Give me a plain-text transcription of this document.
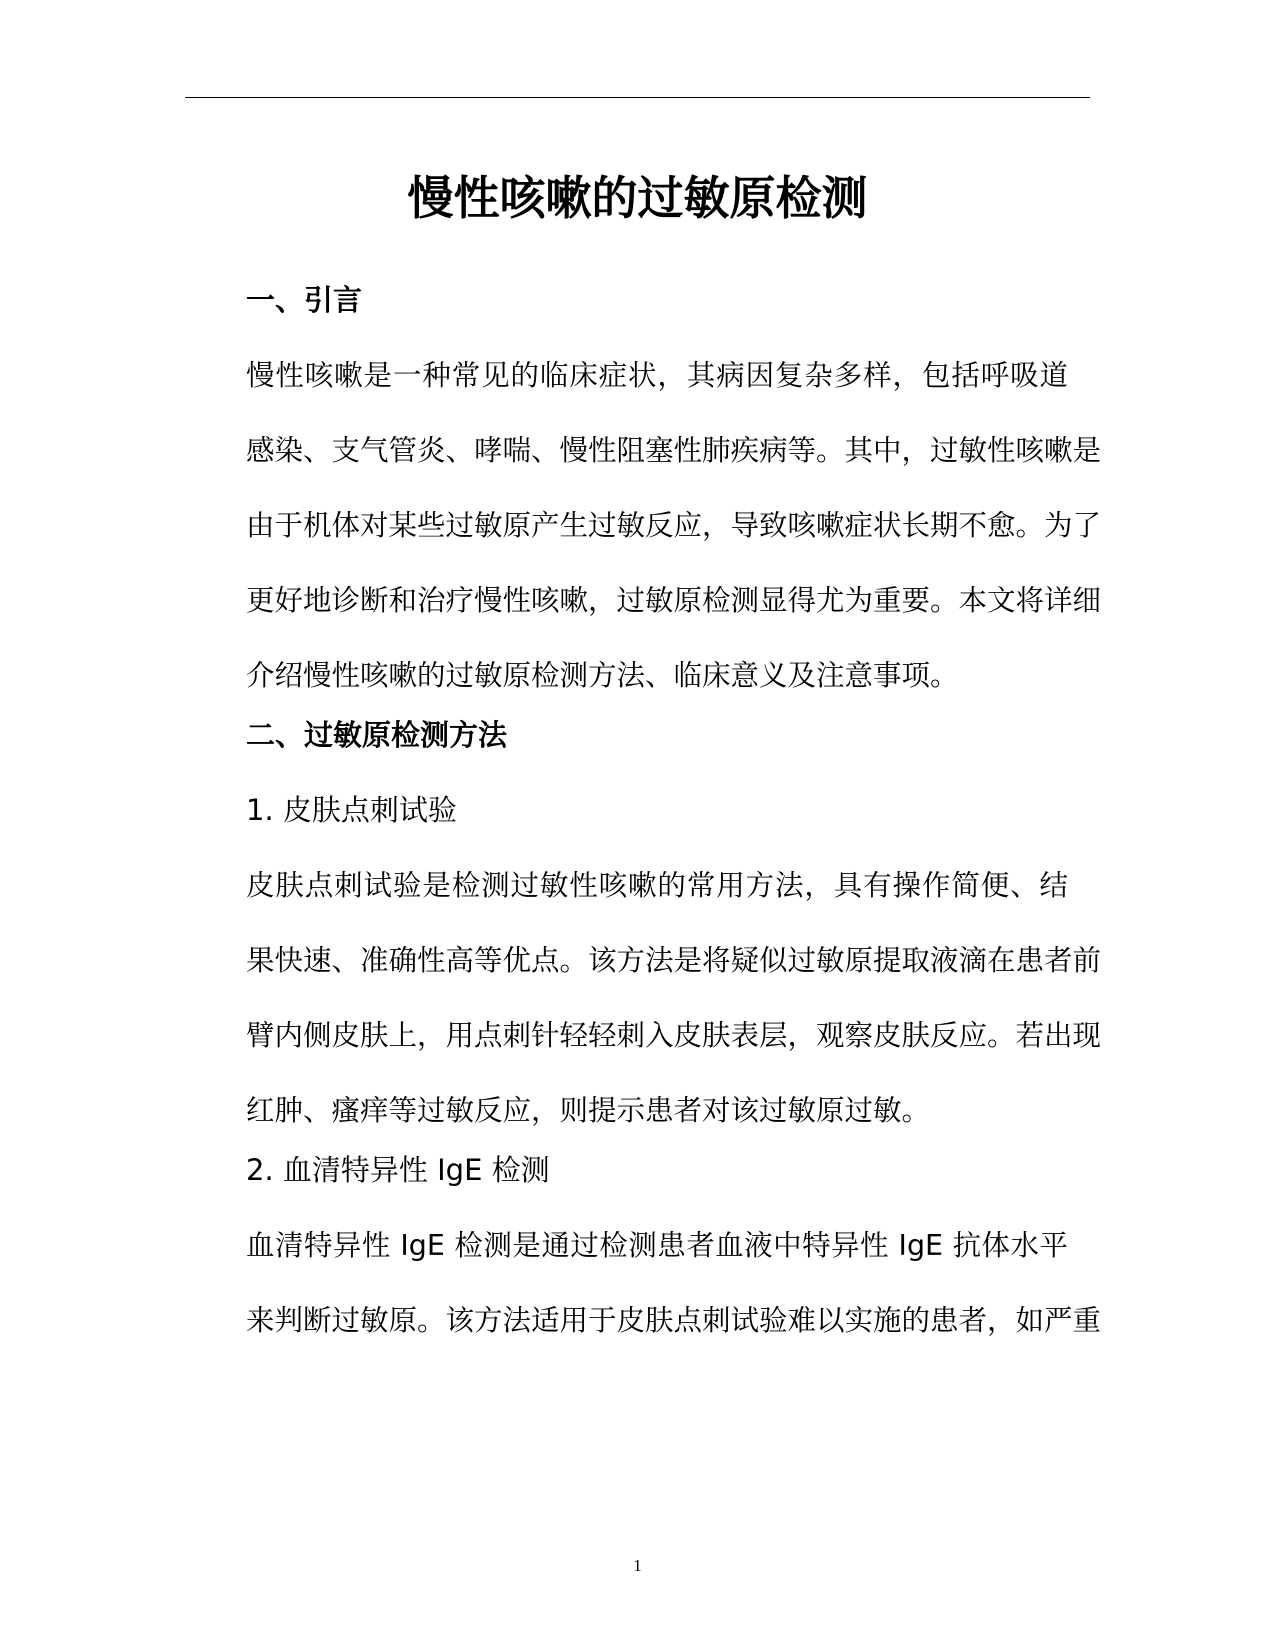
慢性咳嗽的过敏原检测
一、引言

慢性咳嗽是一种常见的临床症状，其病因复杂多样，包括呼吸道
感染、支气管炎、哮喘、慢性阻塞性肺疾病等。其中，过敏性咳嗽是
由于机体对某些过敏原产生过敏反应，导致咳嗽症状长期不愈。为了
更好地诊断和治疗慢性咳嗽，过敏原检测显得尤为重要。本文将详细
介绍慢性咳嗽的过敏原检测方法、临床意义及注意事项。

二、过敏原检测方法
1. 皮肤点刺试验

皮肤点刺试验是检测过敏性咳嗽的常用方法，具有操作简便、结
果快速、准确性高等优点。该方法是将疑似过敏原提取液滴在患者前
臂内侧皮肤上，用点刺针轻轻刺入皮肤表层，观察皮肤反应。若出现
红肿、瘙痒等过敏反应，则提示患者对该过敏原过敏。

2. 血清特异性 IgE 检测

血清特异性 IgE 检测是通过检测患者血液中特异性 IgE 抗体水平
来判断过敏原。该方法适用于皮肤点刺试验难以实施的患者，如严重

1
